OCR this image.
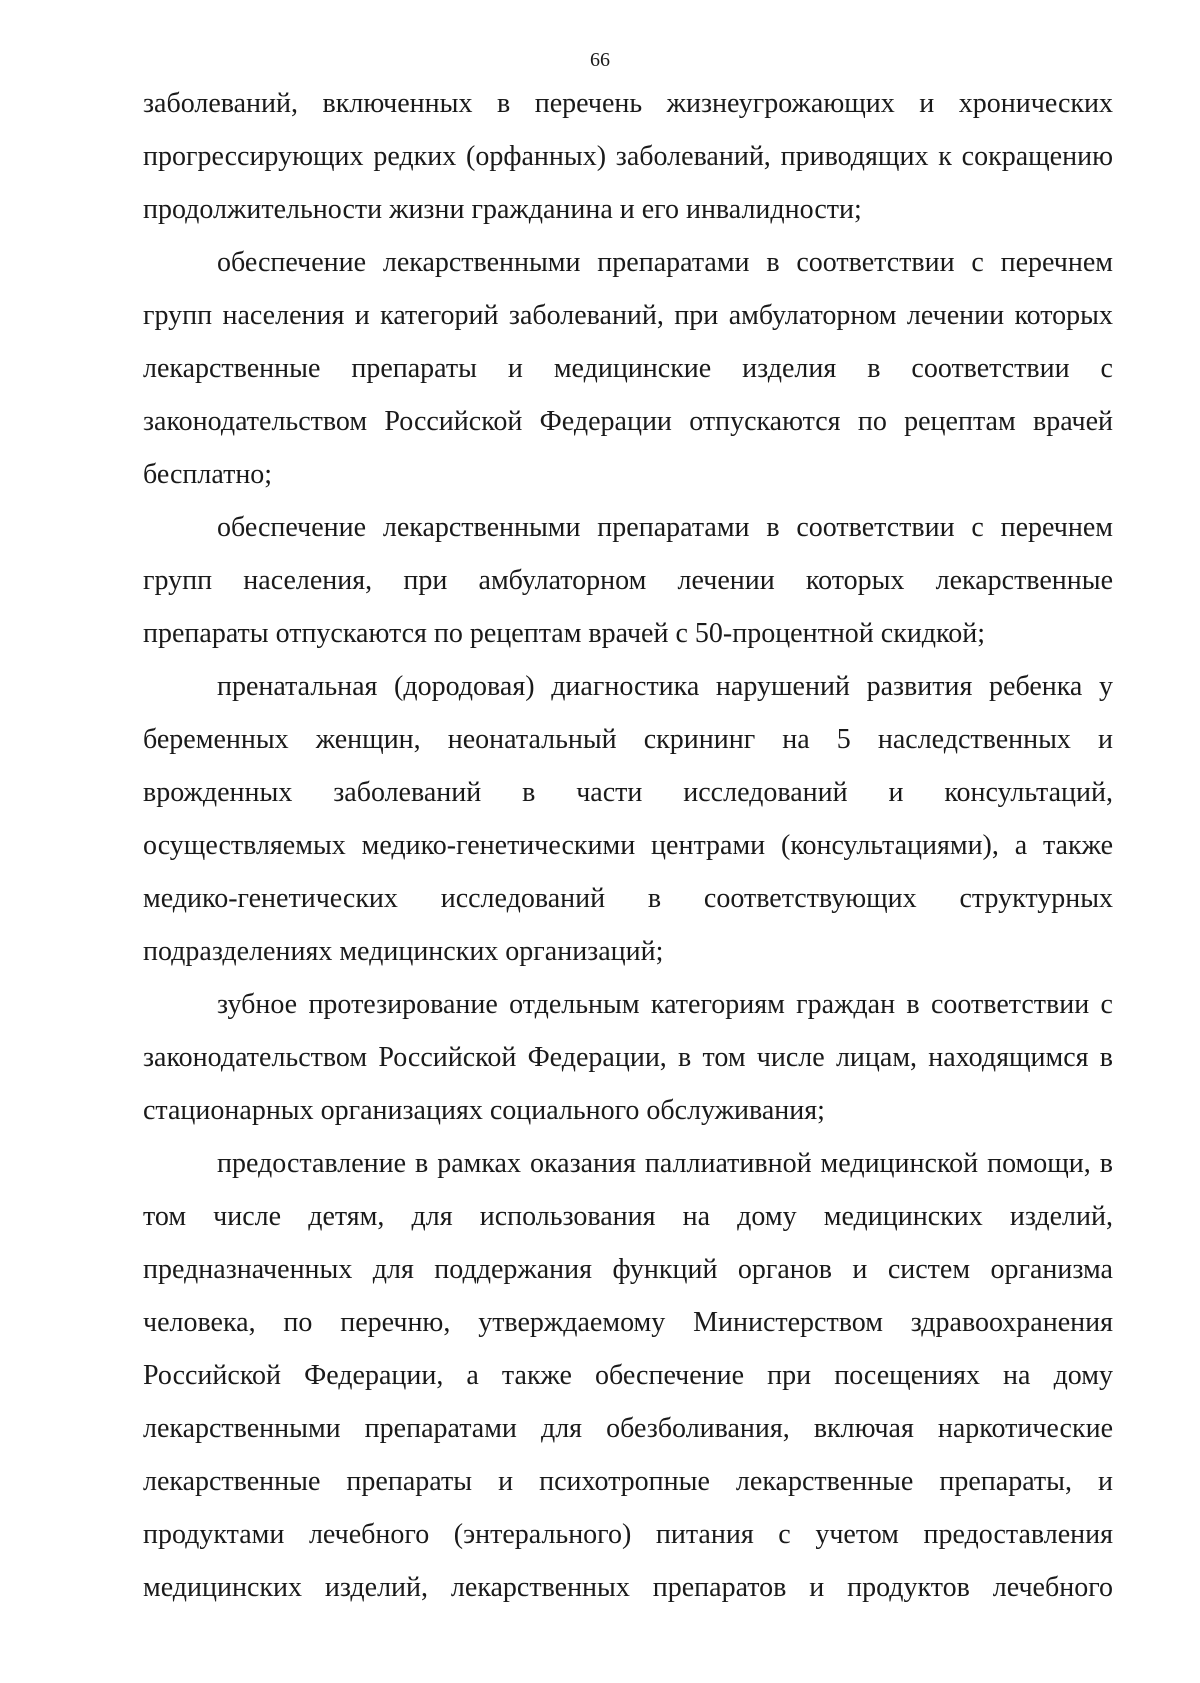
66
заболеваний, включенных в перечень жизнеугрожающих и хронических
прогрессирующих редких (орфанных) заболеваний, приводящих к сокращению
продолжительности жизни гражданина и его инвалидности;
обеспечение лекарственными препаратами в соответствии с перечнем
групп населения и категорий заболеваний, при амбулаторном лечении которых
лекарственные препараты и медицинские изделия в соответствии с
законодательством Российской Федерации отпускаются по рецептам врачей
бесплатно;
обеспечение лекарственными препаратами в соответствии с перечнем
групп населения, при амбулаторном лечении которых лекарственные
препараты отпускаются по рецептам врачей с 50-процентной скидкой;
пренатальная (дородовая) диагностика нарушений развития ребенка у
беременных женщин, неонатальный скрининг на 5 наследственных и
врожденных заболеваний в части исследований и консультаций,
осуществляемых медико-генетическими центрами (консультациями), а также
медико-генетических исследований в соответствующих структурных
подразделениях медицинских организаций;
зубное протезирование отдельным категориям граждан в соответствии с
законодательством Российской Федерации, в том числе лицам, находящимся в
стационарных организациях социального обслуживания;
предоставление в рамках оказания паллиативной медицинской помощи, в
том числе детям, для использования на дому медицинских изделий,
предназначенных для поддержания функций органов и систем организма
человека, по перечню, утверждаемому Министерством здравоохранения
Российской Федерации, а также обеспечение при посещениях на дому
лекарственными препаратами для обезболивания, включая наркотические
лекарственные препараты и психотропные лекарственные препараты, и
продуктами лечебного (энтерального) питания с учетом предоставления
медицинских изделий, лекарственных препаратов и продуктов лечебного
